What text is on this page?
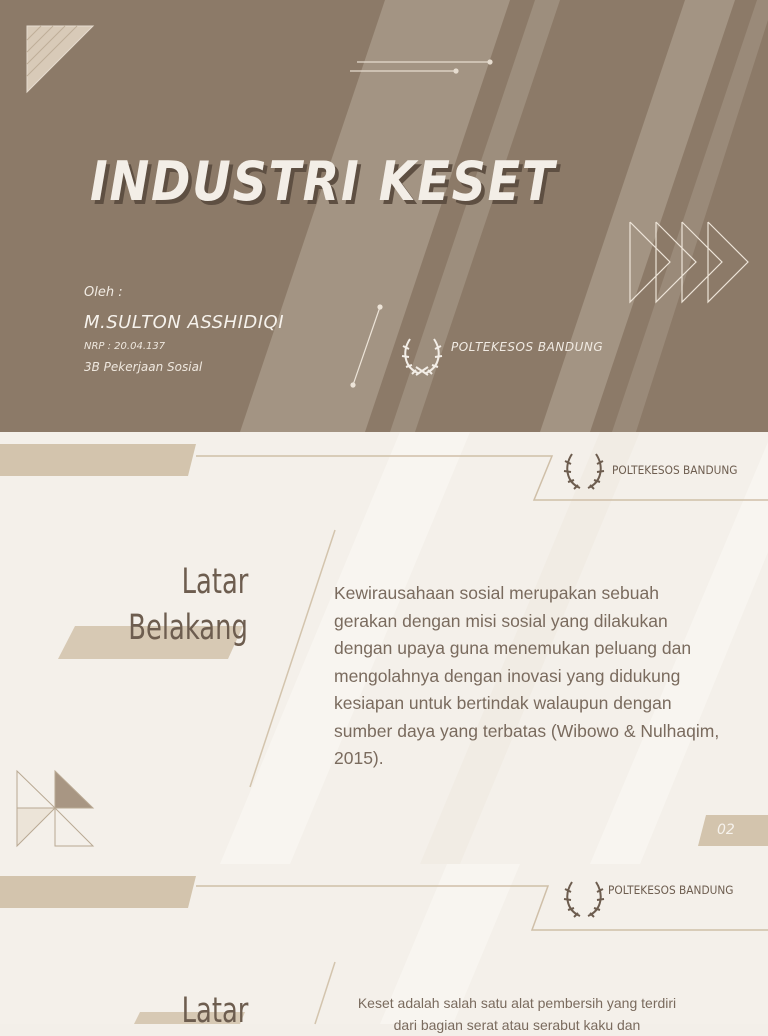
INDUSTRI KESET
Oleh :
M.SULTON ASSHIDIQI
NRP : 20.04.137
3B Pekerjaan Sosial
POLTEKESOS BANDUNG
POLTEKESOS BANDUNG
Latar
Belakang
Kewirausahaan sosial merupakan sebuah gerakan dengan misi sosial yang dilakukan dengan upaya guna menemukan peluang dan mengolahnya dengan inovasi yang didukung kesiapan untuk bertindak walaupun dengan sumber daya yang terbatas (Wibowo & Nulhaqim, 2015).
02
POLTEKESOS BANDUNG
Latar	Keset adalah salah satu alat pembersih yang terdiri dari bagian serat atau serabut kaku dan
